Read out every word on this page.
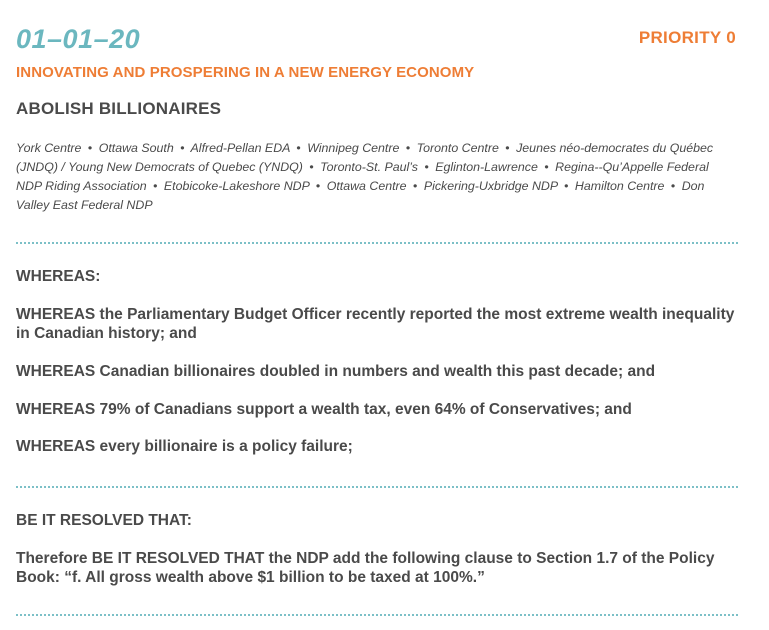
01–01–20	PRIORITY 0
INNOVATING AND PROSPERING IN A NEW ENERGY ECONOMY
ABOLISH BILLIONAIRES

York Centre • Ottawa South • Alfred-Pellan EDA • Winnipeg Centre • Toronto Centre • Jeunes néo-democrates du Québec (JNDQ) / Young New Democrats of Quebec (YNDQ) • Toronto-St. Paul’s • Eglinton-Lawrence • Regina--Qu’Appelle Federal NDP Riding Association • Etobicoke-Lakeshore NDP • Ottawa Centre • Pickering-Uxbridge NDP • Hamilton Centre • Don Valley East Federal NDP

WHEREAS:

WHEREAS the Parliamentary Budget Officer recently reported the most extreme wealth inequality in Canadian history; and

WHEREAS Canadian billionaires doubled in numbers and wealth this past decade; and

WHEREAS 79% of Canadians support a wealth tax, even 64% of Conservatives; and

WHEREAS every billionaire is a policy failure;

BE IT RESOLVED THAT:

Therefore BE IT RESOLVED THAT the NDP add the following clause to Section 1.7 of the Policy Book: “f. All gross wealth above $1 billion to be taxed at 100%.”
